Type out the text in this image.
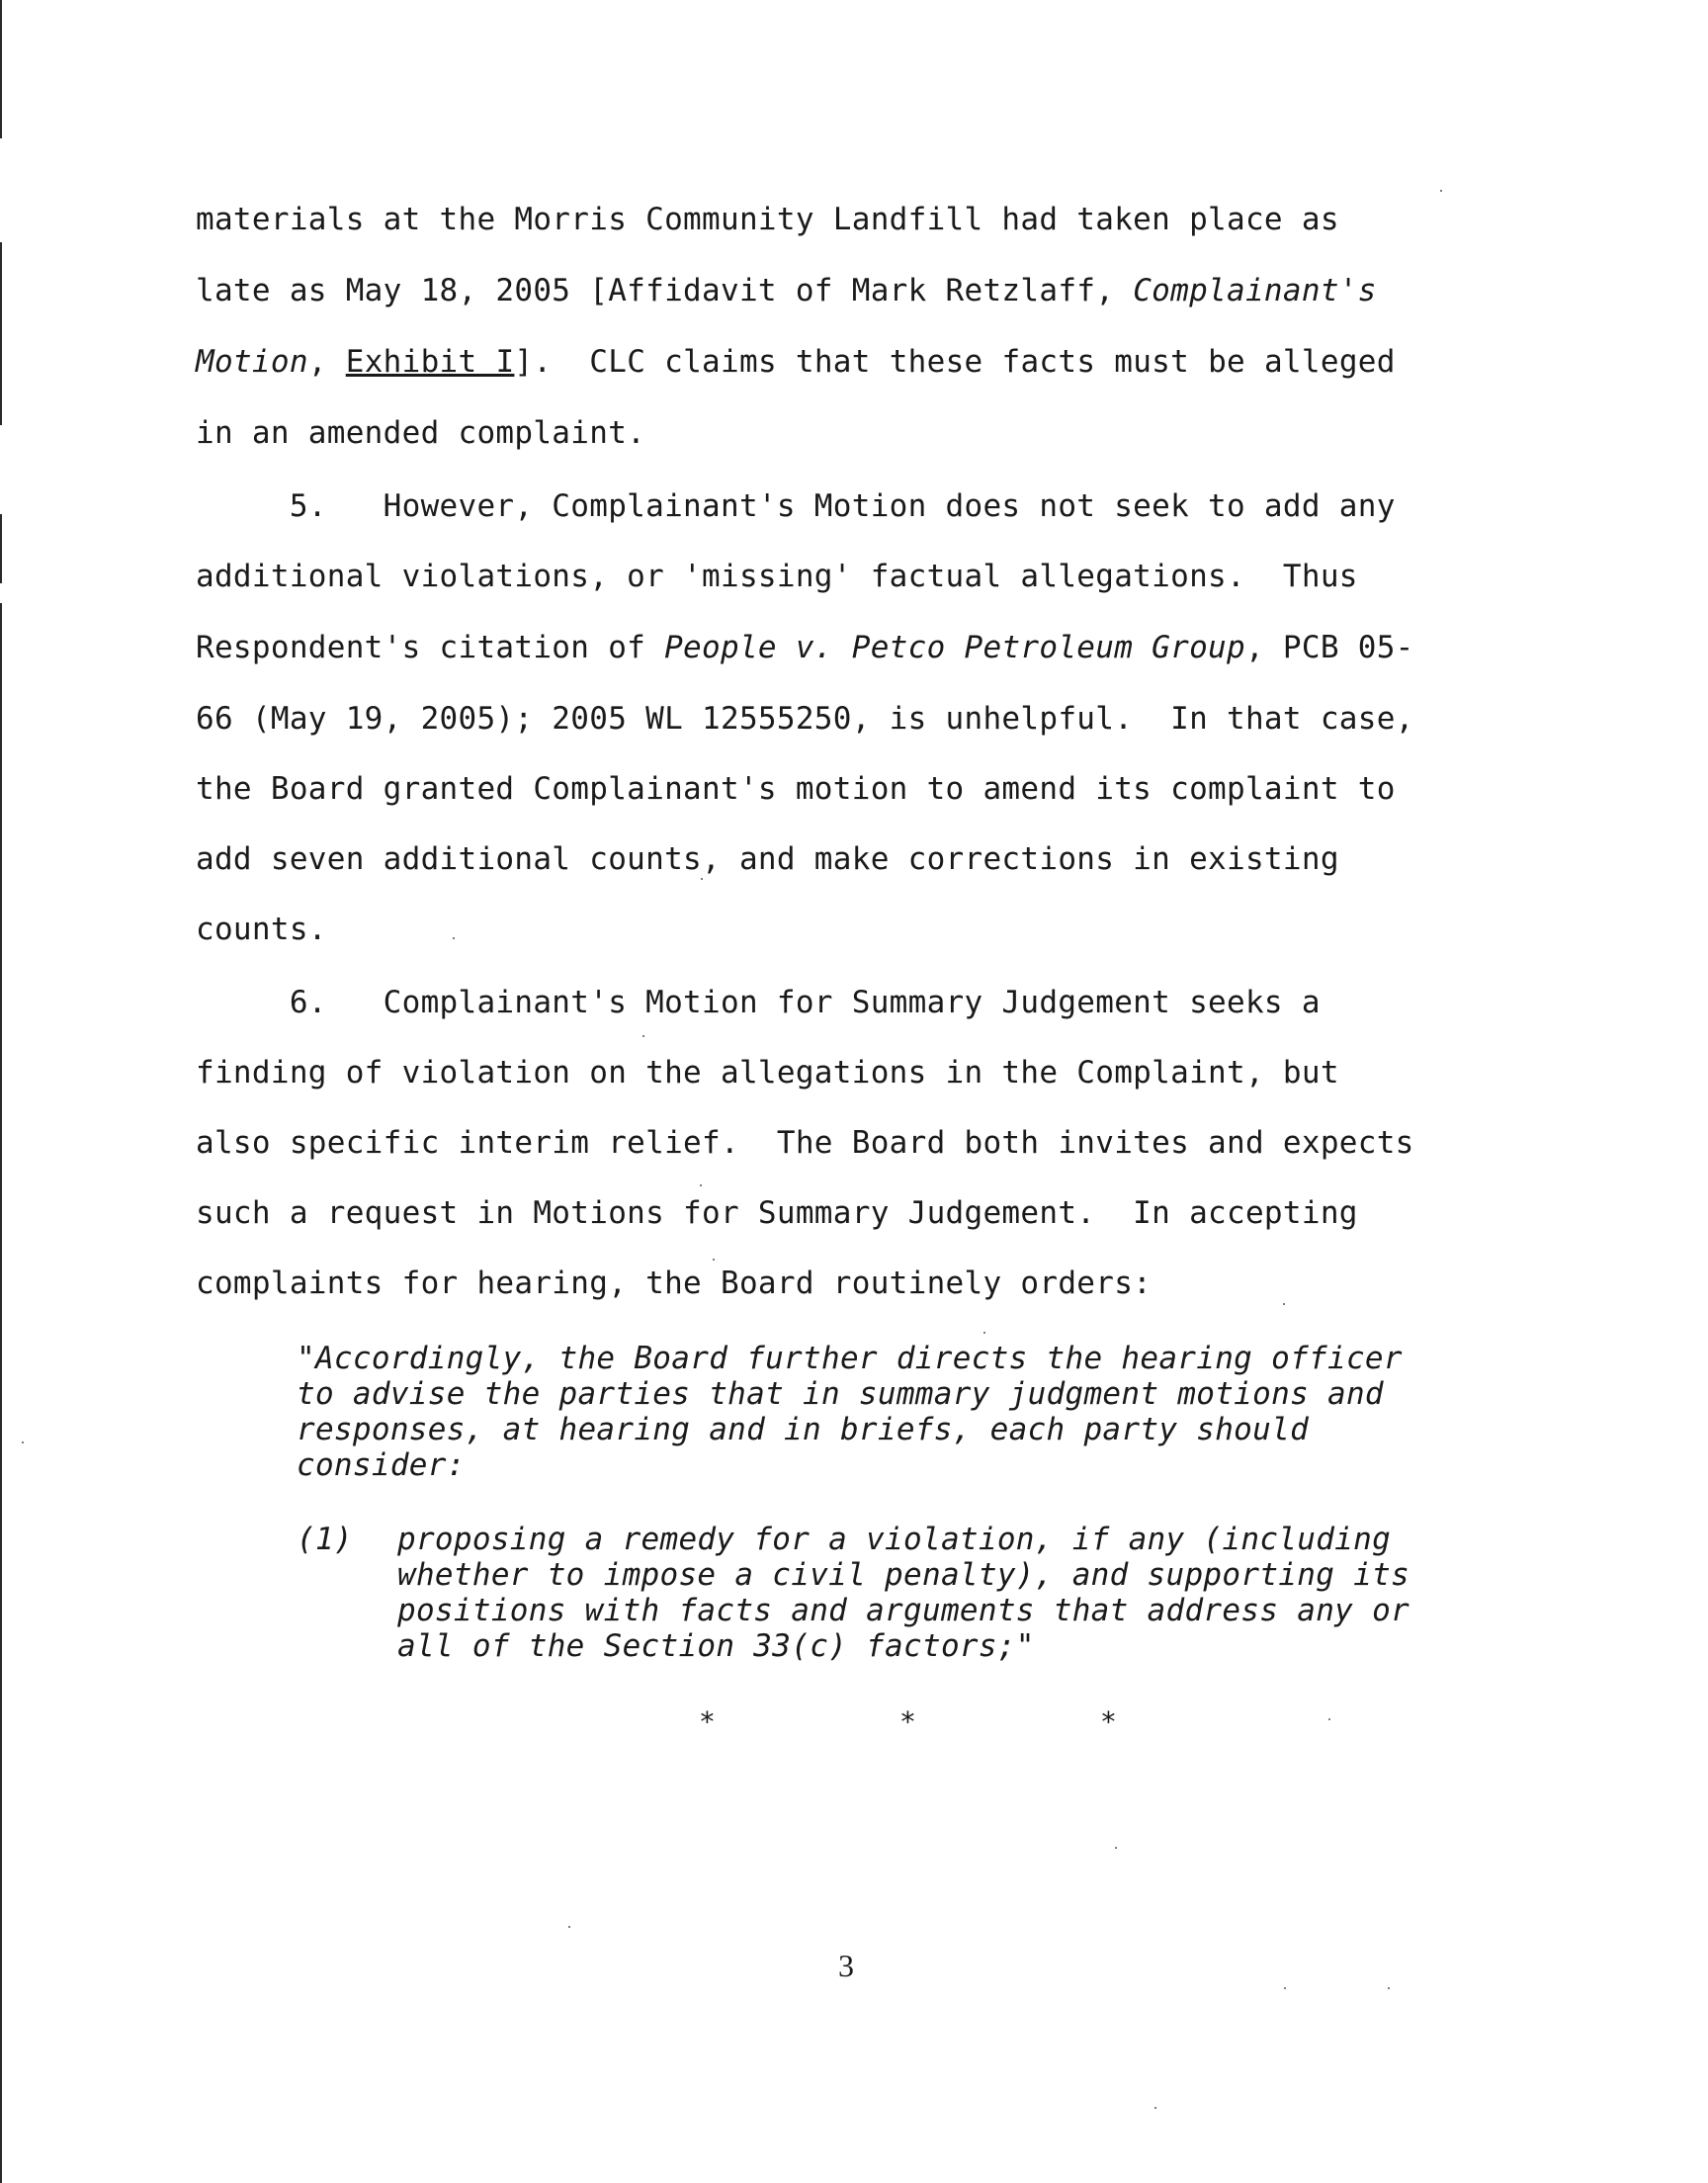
materials at the Morris Community Landfill had taken place as
late as May 18, 2005 [Affidavit of Mark Retzlaff, Complainant's
Motion, Exhibit I].  CLC claims that these facts must be alleged
in an amended complaint.
5.   However, Complainant's Motion does not seek to add any
additional violations, or 'missing' factual allegations.  Thus
Respondent's citation of People v. Petco Petroleum Group, PCB 05-
66 (May 19, 2005); 2005 WL 12555250, is unhelpful.  In that case,
the Board granted Complainant's motion to amend its complaint to
add seven additional counts, and make corrections in existing
counts.
6.   Complainant's Motion for Summary Judgement seeks a
finding of violation on the allegations in the Complaint, but
also specific interim relief.  The Board both invites and expects
such a request in Motions for Summary Judgement.  In accepting
complaints for hearing, the Board routinely orders:
"Accordingly, the Board further directs the hearing officer
to advise the parties that in summary judgment motions and
responses, at hearing and in briefs, each party should
consider:
(1) proposing a remedy for a violation, if any (including
whether to impose a civil penalty), and supporting its
positions with facts and arguments that address any or
all of the Section 33(c) factors;"
*	*	*
3
